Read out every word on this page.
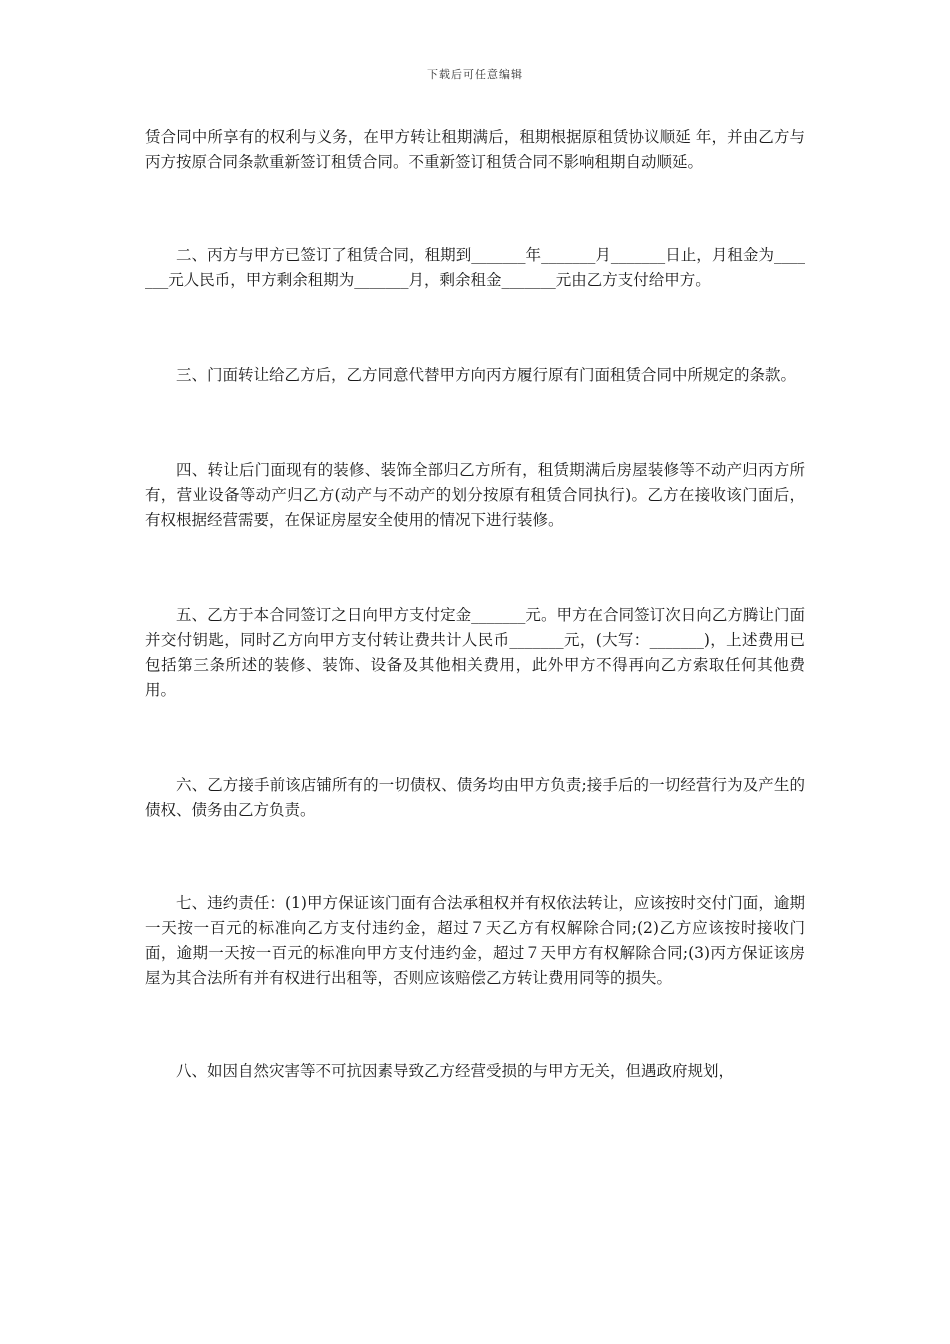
下载后可任意编辑

赁合同中所享有的权利与义务，在甲方转让租期满后，租期根据原租赁协议顺延 年，并由乙方与丙方按原合同条款重新签订租赁合同。不重新签订租赁合同不影响租期自动顺延。

二、丙方与甲方已签订了租赁合同，租期到_______年_______月_______日止，月租金为_______元人民币，甲方剩余租期为_______月，剩余租金_______元由乙方支付给甲方。

三、门面转让给乙方后，乙方同意代替甲方向丙方履行原有门面租赁合同中所规定的条款。

四、转让后门面现有的装修、装饰全部归乙方所有，租赁期满后房屋装修等不动产归丙方所有，营业设备等动产归乙方(动产与不动产的划分按原有租赁合同执行)。乙方在接收该门面后，有权根据经营需要，在保证房屋安全使用的情况下进行装修。

五、乙方于本合同签订之日向甲方支付定金_______元。甲方在合同签订次日向乙方腾让门面并交付钥匙，同时乙方向甲方支付转让费共计人民币_______元，(大写：_______)，上述费用已包括第三条所述的装修、装饰、设备及其他相关费用，此外甲方不得再向乙方索取任何其他费用。

六、乙方接手前该店铺所有的一切债权、债务均由甲方负责;接手后的一切经营行为及产生的债权、债务由乙方负责。

七、违约责任：(1)甲方保证该门面有合法承租权并有权依法转让，应该按时交付门面，逾期一天按一百元的标准向乙方支付违约金，超过７天乙方有权解除合同;(2)乙方应该按时接收门面，逾期一天按一百元的标准向甲方支付违约金，超过７天甲方有权解除合同;(3)丙方保证该房屋为其合法所有并有权进行出租等，否则应该赔偿乙方转让费用同等的损失。

八、如因自然灾害等不可抗因素导致乙方经营受损的与甲方无关，但遇政府规划，
